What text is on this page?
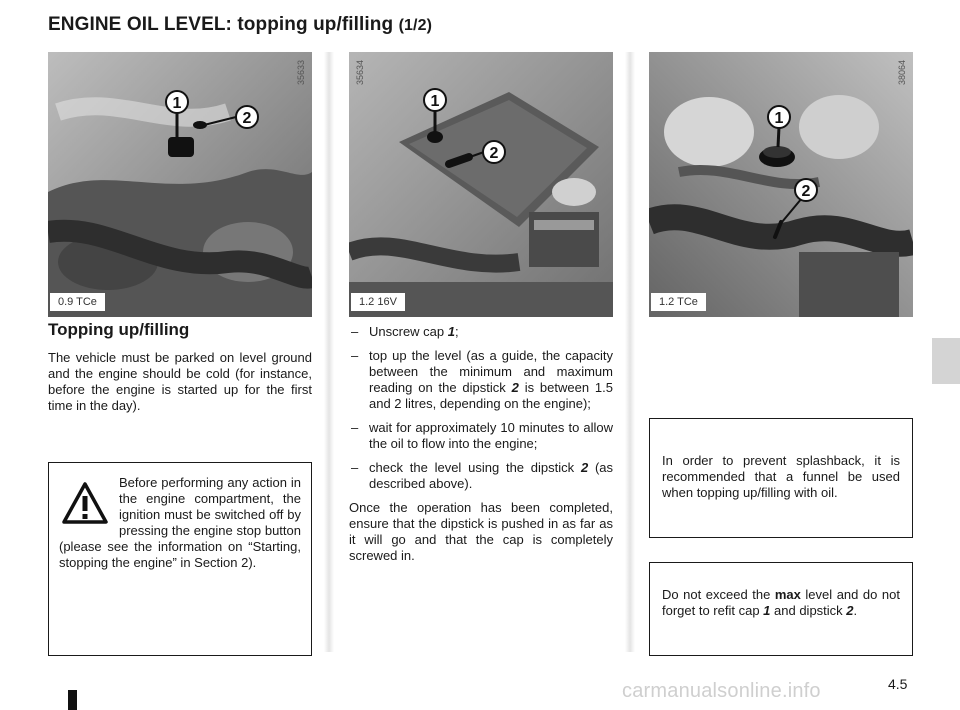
ENGINE OIL LEVEL: topping up/filling (1/2)
1
2
35633
0.9 TCe
1
2
35634
1.2 16V
1
2
38064
1.2 TCe
Topping up/filling
The vehicle must be parked on level ground and the engine should be cold (for instance, before the engine is started up for the first time in the day).
Before performing any action in the engine compartment, the ignition must be switched off by pressing the engine stop button (please see the information on “Starting, stopping the engine” in Section 2).
– Unscrew cap 1;
– top up the level (as a guide, the capacity between the minimum and maximum reading on the dipstick 2 is between 1.5 and 2 litres, depending on the engine);
– wait for approximately 10 minutes to allow the oil to flow into the engine;
– check the level using the dipstick 2 (as described above).
Once the operation has been completed, ensure that the dipstick is pushed in as far as it will go and that the cap is completely screwed in.
In order to prevent splashback, it is recommended that a funnel be used when topping up/filling with oil.
Do not exceed the max level and do not forget to refit cap 1 and dipstick 2.
4.5
carmanualsonline.info
